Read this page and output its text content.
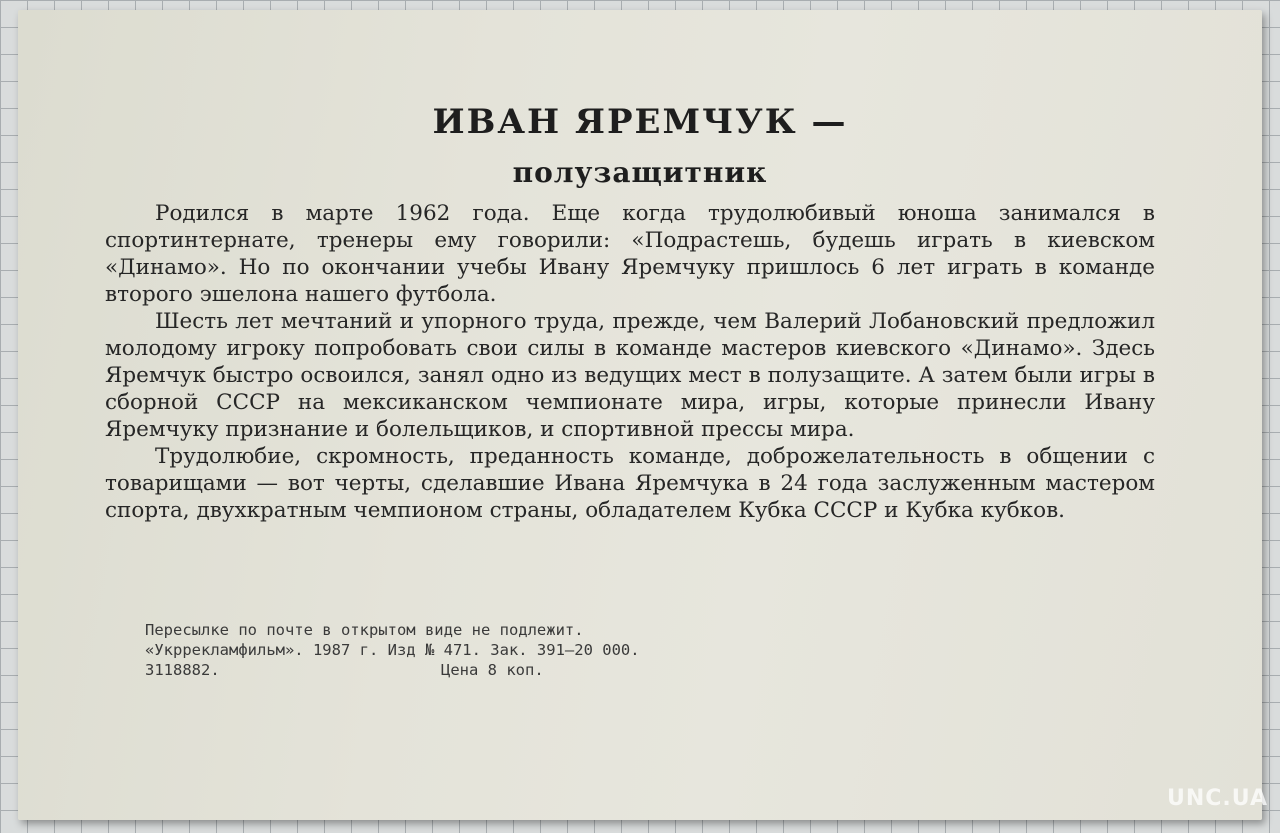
ИВАН ЯРЕМЧУК —
полузащитник

Родился в марте 1962 года. Еще когда трудолюбивый юноша занимался в спортинтернате, тренеры ему говорили: «Подрастешь, будешь играть в киевском «Динамо». Но по окончании учебы Ивану Яремчуку пришлось 6 лет играть в команде второго эшелона нашего футбола.

Шесть лет мечтаний и упорного труда, прежде, чем Валерий Лобановский предложил молодому игроку попробовать свои силы в команде мастеров киевского «Динамо». Здесь Яремчук быстро освоился, занял одно из ведущих мест в полузащите. А затем были игры в сборной СССР на мексиканском чемпионате мира, игры, которые принесли Ивану Яремчуку признание и болельщиков, и спортивной прессы мира.

Трудолюбие, скромность, преданность команде, доброжелательность в общении с товарищами — вот черты, сделавшие Ивана Яремчука в 24 года заслуженным мастером спорта, двухкратным чемпионом страны, обладателем Кубка СССР и Кубка кубков.

Пересылке по почте в открытом виде не подлежит.
«Укррекламфильм». 1987 г. Изд № 471. Зак. 391—20 000.
3118882.	Цена 8 коп.
UNC.UA
